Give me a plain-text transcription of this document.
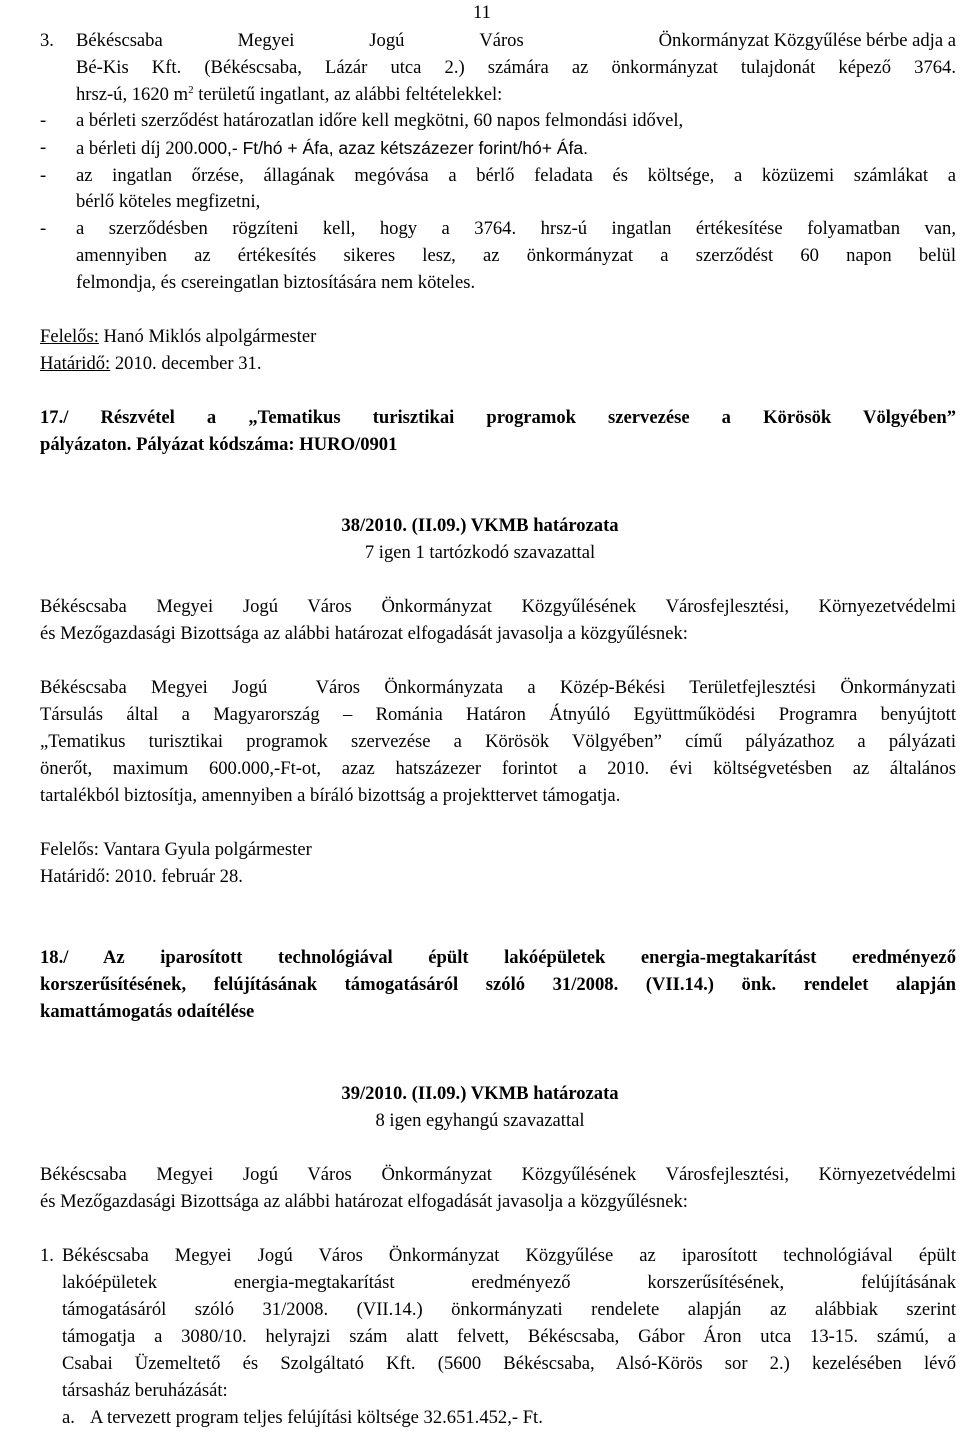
11
3.	Békéscsaba	Megyei	Jogú	Város	Önkormányzat Közgyűlése bérbe adja a
Bé-Kis Kft. (Békéscsaba, Lázár utca 2.) számára az önkormányzat tulajdonát képező 3764.
hrsz-ú, 1620 $m^2$ területű ingatlant, az alábbi feltételekkel:
-	a bérleti szerződést határozatlan időre kell megkötni, 60 napos felmondási idővel,
-	a bérleti díj 200.000,- Ft/hó + Áfa, azaz kétszázezer forint/hó+ Áfa.
-	az ingatlan őrzése, állagának megóvása a bérlő feladata és költsége, a közüzemi számlákat a
bérlő köteles megfizetni,
-	a szerződésben rögzíteni kell, hogy a 3764. hrsz-ú ingatlan értékesítése folyamatban van,
amennyiben az értékesítés sikeres lesz, az önkormányzat a szerződést 60 napon belül
felmondja, és csereingatlan biztosítására nem köteles.
Felelős: Hanó Miklós alpolgármester
Határidő: 2010. december 31.
17./ Részvétel a „Tematikus turisztikai programok szervezése a Körösök Völgyében”
pályázaton. Pályázat kódszáma: HURO/0901
38/2010. (II.09.) VKMB határozata
7 igen 1 tartózkodó szavazattal
Békéscsaba Megyei Jogú Város Önkormányzat Közgyűlésének Városfejlesztési, Környezetvédelmi
és Mezőgazdasági Bizottsága az alábbi határozat elfogadását javasolja a közgyűlésnek:
Békéscsaba Megyei Jogú  Város Önkormányzata a Közép-Békési Területfejlesztési Önkormányzati
Társulás által a Magyarország – Románia Határon Átnyúló Együttműködési Programra benyújtott
„Tematikus turisztikai programok szervezése a Körösök Völgyében” című pályázathoz a pályázati
önerőt, maximum 600.000,-Ft-ot, azaz hatszázezer forintot a 2010. évi költségvetésben az általános
tartalékból biztosítja, amennyiben a bíráló bizottság a projekttervet támogatja.
Felelős: Vantara Gyula polgármester
Határidő: 2010. február 28.
18./ Az iparosított technológiával épült lakóépületek energia-megtakarítást eredményező
korszerűsítésének, felújításának támogatásáról szóló 31/2008. (VII.14.) önk. rendelet alapján
kamattámogatás odaítélése
39/2010. (II.09.) VKMB határozata
8 igen egyhangú szavazattal
Békéscsaba Megyei Jogú Város Önkormányzat Közgyűlésének Városfejlesztési, Környezetvédelmi
és Mezőgazdasági Bizottsága az alábbi határozat elfogadását javasolja a közgyűlésnek:
1. Békéscsaba Megyei Jogú Város Önkormányzat Közgyűlése az iparosított technológiával épült
lakóépületek energia-megtakarítást eredményező korszerűsítésének, felújításának
támogatásáról szóló 31/2008. (VII.14.) önkormányzati rendelete alapján az alábbiak szerint
támogatja a 3080/10. helyrajzi szám alatt felvett, Békéscsaba, Gábor Áron utca 13-15. számú, a
Csabai Üzemeltető és Szolgáltató Kft. (5600 Békéscsaba, Alsó-Körös sor 2.) kezelésében lévő
társasház beruházását:
a. A tervezett program teljes felújítási költsége 32.651.452,- Ft.
